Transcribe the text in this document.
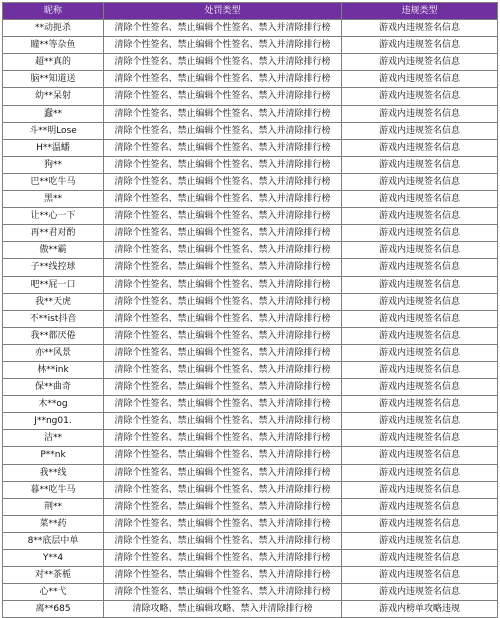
昵称	处罚类型	违规类型
**动扼杀	清除个性签名、禁止编辑个性签名、禁入并清除排行榜	游戏内违规签名信息
瞳**等杂鱼	清除个性签名、禁止编辑个性签名、禁入并清除排行榜	游戏内违规签名信息
超**真的	清除个性签名、禁止编辑个性签名、禁入并清除排行榜	游戏内违规签名信息
脑**知道送	清除个性签名、禁止编辑个性签名、禁入并清除排行榜	游戏内违规签名信息
幼**呆射	清除个性签名、禁止编辑个性签名、禁入并清除排行榜	游戏内违规签名信息
蠢**	清除个性签名、禁止编辑个性签名、禁入并清除排行榜	游戏内违规签名信息
斗**明Lose	清除个性签名、禁止编辑个性签名、禁入并清除排行榜	游戏内违规签名信息
H**温蟠	清除个性签名、禁止编辑个性签名、禁入并清除排行榜	游戏内违规签名信息
狗**	清除个性签名、禁止编辑个性签名、禁入并清除排行榜	游戏内违规签名信息
巴**吃牛马	清除个性签名、禁止编辑个性签名、禁入并清除排行榜	游戏内违规签名信息
黑**	清除个性签名、禁止编辑个性签名、禁入并清除排行榜	游戏内违规签名信息
让**心一下	清除个性签名、禁止编辑个性签名、禁入并清除排行榜	游戏内违规签名信息
再**君对酌	清除个性签名、禁止编辑个性签名、禁入并清除排行榜	游戏内违规签名信息
傲**霸	清除个性签名、禁止编辑个性签名、禁入并清除排行榜	游戏内违规签名信息
子**线控球	清除个性签名、禁止编辑个性签名、禁入并清除排行榜	游戏内违规签名信息
吧**屁一口	清除个性签名、禁止编辑个性签名、禁入并清除排行榜	游戏内违规签名信息
我**天虎	清除个性签名、禁止编辑个性签名、禁入并清除排行榜	游戏内违规签名信息
不**ist抖音	清除个性签名、禁止编辑个性签名、禁入并清除排行榜	游戏内违规签名信息
我**都厌倦	清除个性签名、禁止编辑个性签名、禁入并清除排行榜	游戏内违规签名信息
亦**风景	清除个性签名、禁止编辑个性签名、禁入并清除排行榜	游戏内违规签名信息
林**ink	清除个性签名、禁止编辑个性签名、禁入并清除排行榜	游戏内违规签名信息
保**曲奇	清除个性签名、禁止编辑个性签名、禁入并清除排行榜	游戏内违规签名信息
木**og	清除个性签名、禁止编辑个性签名、禁入并清除排行榜	游戏内违规签名信息
J**ng01.	清除个性签名、禁止编辑个性签名、禁入并清除排行榜	游戏内违规签名信息
洁**	清除个性签名、禁止编辑个性签名、禁入并清除排行榜	游戏内违规签名信息
P**nk	清除个性签名、禁止编辑个性签名、禁入并清除排行榜	游戏内违规签名信息
我**线	清除个性签名、禁止编辑个性签名、禁入并清除排行榜	游戏内违规签名信息
暮**吃牛马	清除个性签名、禁止编辑个性签名、禁入并清除排行榜	游戏内违规签名信息
荆**	清除个性签名、禁止编辑个性签名、禁入并清除排行榜	游戏内违规签名信息
菜**药	清除个性签名、禁止编辑个性签名、禁入并清除排行榜	游戏内违规签名信息
8**底层中单	清除个性签名、禁止编辑个性签名、禁入并清除排行榜	游戏内违规签名信息
Y**4	清除个性签名、禁止编辑个性签名、禁入并清除排行榜	游戏内违规签名信息
对**茶栀	清除个性签名、禁止编辑个性签名、禁入并清除排行榜	游戏内违规签名信息
心**弋	清除个性签名、禁止编辑个性签名、禁入并清除排行榜	游戏内违规签名信息
离**685	清除攻略、禁止编辑攻略、禁入并清除排行榜	游戏内榜单攻略违规
